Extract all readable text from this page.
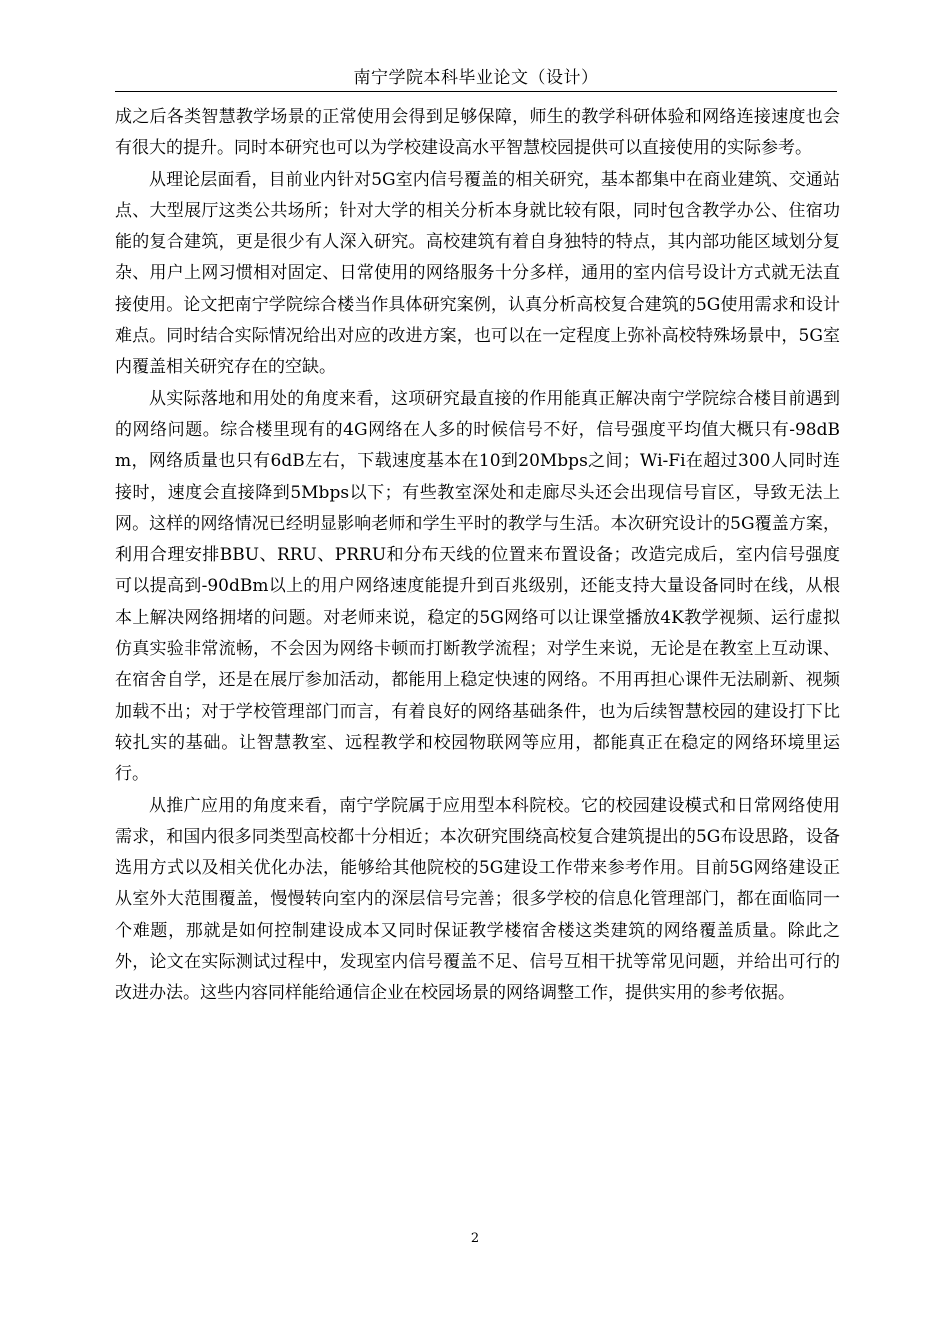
南宁学院本科毕业论文（设计）

成之后各类智慧教学场景的正常使用会得到足够保障，师生的教学科研体验和网络连接速度也会有很大的提升。同时本研究也可以为学校建设高水平智慧校园提供可以直接使用的实际参考。

从理论层面看，目前业内针对5G室内信号覆盖的相关研究，基本都集中在商业建筑、交通站点、大型展厅这类公共场所；针对大学的相关分析本身就比较有限，同时包含教学办公、住宿功能的复合建筑，更是很少有人深入研究。高校建筑有着自身独特的特点，其内部功能区域划分复杂、用户上网习惯相对固定、日常使用的网络服务十分多样，通用的室内信号设计方式就无法直接使用。论文把南宁学院综合楼当作具体研究案例，认真分析高校复合建筑的5G使用需求和设计难点。同时结合实际情况给出对应的改进方案，也可以在一定程度上弥补高校特殊场景中，5G室内覆盖相关研究存在的空缺。

从实际落地和用处的角度来看，这项研究最直接的作用能真正解决南宁学院综合楼目前遇到的网络问题。综合楼里现有的4G网络在人多的时候信号不好，信号强度平均值大概只有-98dBm，网络质量也只有6dB左右，下载速度基本在10到20Mbps之间；Wi-Fi在超过300人同时连接时，速度会直接降到5Mbps以下；有些教室深处和走廊尽头还会出现信号盲区，导致无法上网。这样的网络情况已经明显影响老师和学生平时的教学与生活。本次研究设计的5G覆盖方案，利用合理安排BBU、RRU、PRRU和分布天线的位置来布置设备；改造完成后，室内信号强度可以提高到-90dBm以上的用户网络速度能提升到百兆级别，还能支持大量设备同时在线，从根本上解决网络拥堵的问题。对老师来说，稳定的5G网络可以让课堂播放4K教学视频、运行虚拟仿真实验非常流畅，不会因为网络卡顿而打断教学流程；对学生来说，无论是在教室上互动课、在宿舍自学，还是在展厅参加活动，都能用上稳定快速的网络。不用再担心课件无法刷新、视频加载不出；对于学校管理部门而言，有着良好的网络基础条件，也为后续智慧校园的建设打下比较扎实的基础。让智慧教室、远程教学和校园物联网等应用，都能真正在稳定的网络环境里运行。

从推广应用的角度来看，南宁学院属于应用型本科院校。它的校园建设模式和日常网络使用需求，和国内很多同类型高校都十分相近；本次研究围绕高校复合建筑提出的5G布设思路，设备选用方式以及相关优化办法，能够给其他院校的5G建设工作带来参考作用。目前5G网络建设正从室外大范围覆盖，慢慢转向室内的深层信号完善；很多学校的信息化管理部门，都在面临同一个难题，那就是如何控制建设成本又同时保证教学楼宿舍楼这类建筑的网络覆盖质量。除此之外，论文在实际测试过程中，发现室内信号覆盖不足、信号互相干扰等常见问题，并给出可行的改进办法。这些内容同样能给通信企业在校园场景的网络调整工作，提供实用的参考依据。

2
